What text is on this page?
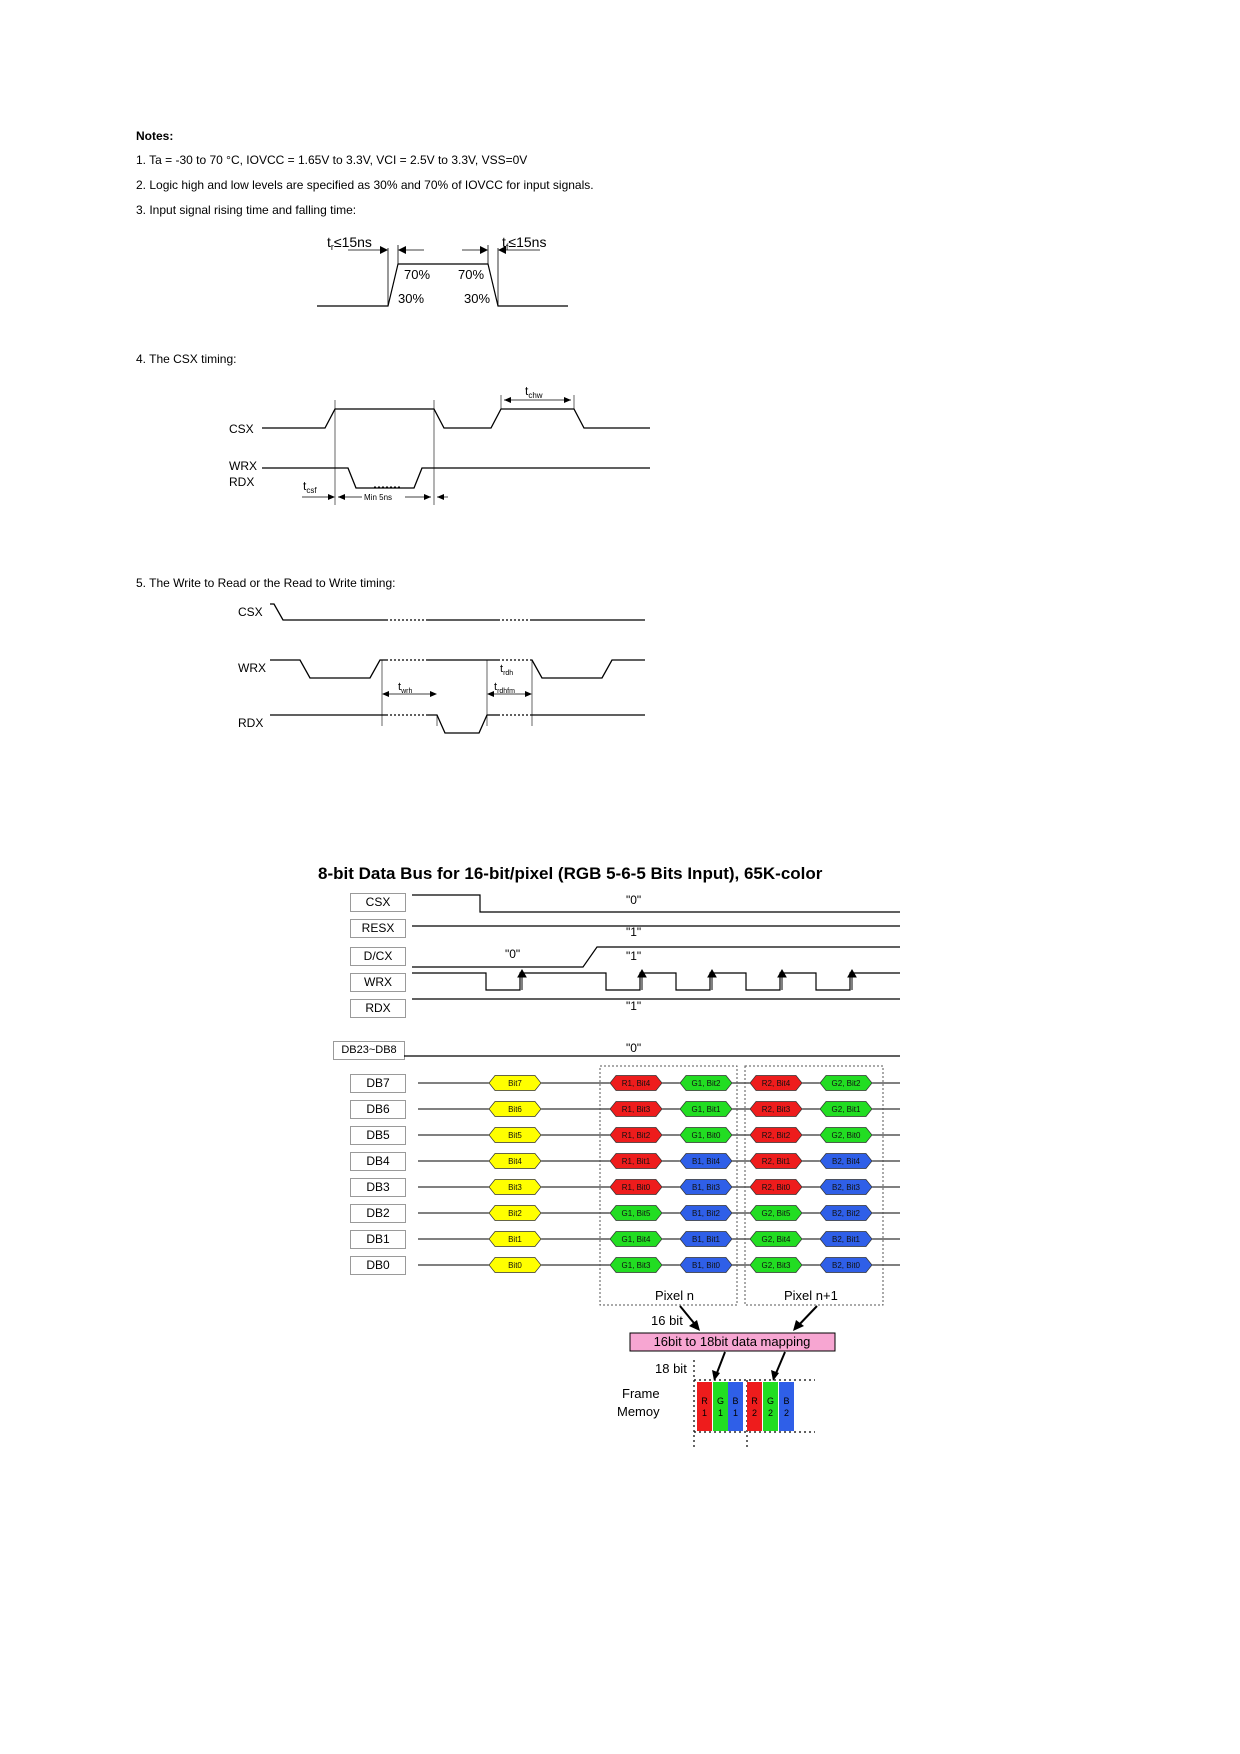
Notes:
1. Ta = -30 to 70 °C, IOVCC = 1.65V to 3.3V, VCI = 2.5V to 3.3V, VSS=0V
2. Logic high and low levels are specified as 30% and 70% of IOVCC for input signals.
3. Input signal rising time and falling time:
4. The CSX timing:
5. The Write to Read or the Read to Write timing:
$t_r\le 15ns$	$t_f\le 15ns$
70%
30%
70%
30%
CSX
WRX
RDX
$t_{chw}$
$t_{csf}$
Min 5ns
CSX
WRX
RDX
$t_{rdh}$
$t_{wrh}$	$t_{rdhfm}$
8-bit Data Bus for 16-bit/pixel (RGB 5-6-5 Bits Input), 65K-color
CSX
RESX
D/CX
WRX
RDX
DB23~DB8
DB7
DB6
DB5
DB4
DB3
DB2
DB1
DB0
"0"
"1"
"0"	"1"
"1"
"0"
Bit7	R1, Bit4	G1, Bit2	R2, Bit4	G2, Bit2
Bit6	R1, Bit3	G1, Bit1	R2, Bit3	G2, Bit1
Bit5	R1, Bit2	G1, Bit0	R2, Bit2	G2, Bit0
Bit4	R1, Bit1	B1, Bit4	R2, Bit1	B2, Bit4
Bit3	R1, Bit0	B1, Bit3	R2, Bit0	B2, Bit3
Bit2	G1, Bit5	B1, Bit2	G2, Bit5	B2, Bit2
Bit1	G1, Bit4	B1, Bit1	G2, Bit4	B2, Bit1
Bit0	G1, Bit3	B1, Bit0	G2, Bit3	B2, Bit0
Pixel n	Pixel n+1
16 bit
16bit to 18bit data mapping
18 bit
Frame
Memoy
R
1
G
1
B
1
R
2
G
2
B
2
